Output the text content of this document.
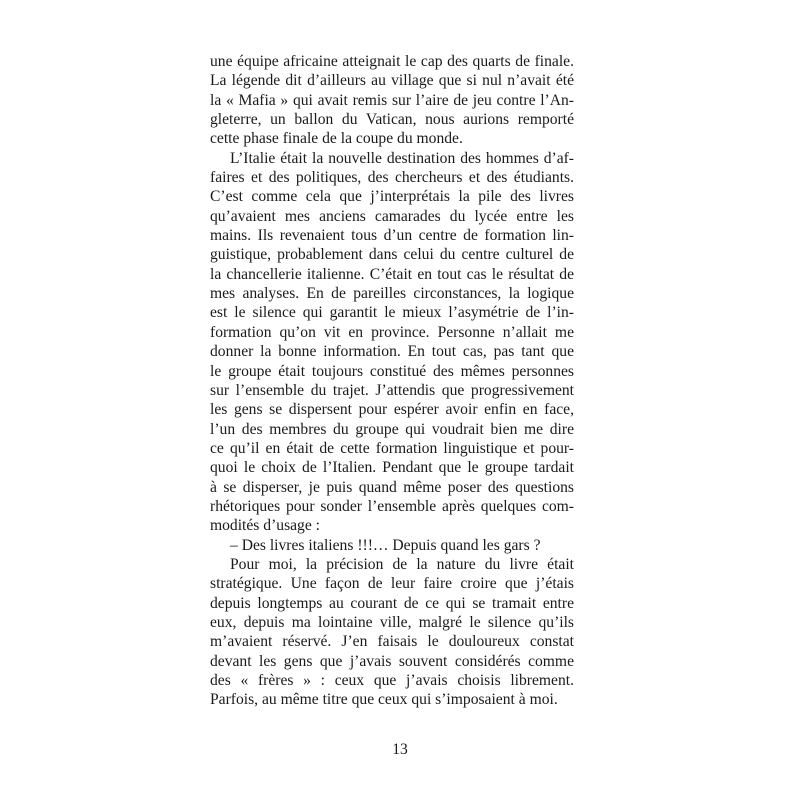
une équipe africaine atteignait le cap des quarts de finale.
La légende dit d’ailleurs au village que si nul n’avait été
la « Mafia » qui avait remis sur l’aire de jeu contre l’An-
gleterre, un ballon du Vatican, nous aurions remporté
cette phase finale de la coupe du monde.
L’Italie était la nouvelle destination des hommes d’af-
faires et des politiques, des chercheurs et des étudiants.
C’est comme cela que j’interprétais la pile des livres
qu’avaient mes anciens camarades du lycée entre les
mains. Ils revenaient tous d’un centre de formation lin-
guistique, probablement dans celui du centre culturel de
la chancellerie italienne. C’était en tout cas le résultat de
mes analyses. En de pareilles circonstances, la logique
est le silence qui garantit le mieux l’asymétrie de l’in-
formation qu’on vit en province. Personne n’allait me
donner la bonne information. En tout cas, pas tant que
le groupe était toujours constitué des mêmes personnes
sur l’ensemble du trajet. J’attendis que progressivement
les gens se dispersent pour espérer avoir enfin en face,
l’un des membres du groupe qui voudrait bien me dire
ce qu’il en était de cette formation linguistique et pour-
quoi le choix de l’Italien. Pendant que le groupe tardait
à se disperser, je puis quand même poser des questions
rhétoriques pour sonder l’ensemble après quelques com-
modités d’usage :
– Des livres italiens !!!… Depuis quand les gars ?
Pour moi, la précision de la nature du livre était
stratégique. Une façon de leur faire croire que j’étais
depuis longtemps au courant de ce qui se tramait entre
eux, depuis ma lointaine ville, malgré le silence qu’ils
m’avaient réservé. J’en faisais le douloureux constat
devant les gens que j’avais souvent considérés comme
des « frères » : ceux que j’avais choisis librement.
Parfois, au même titre que ceux qui s’imposaient à moi.
13
